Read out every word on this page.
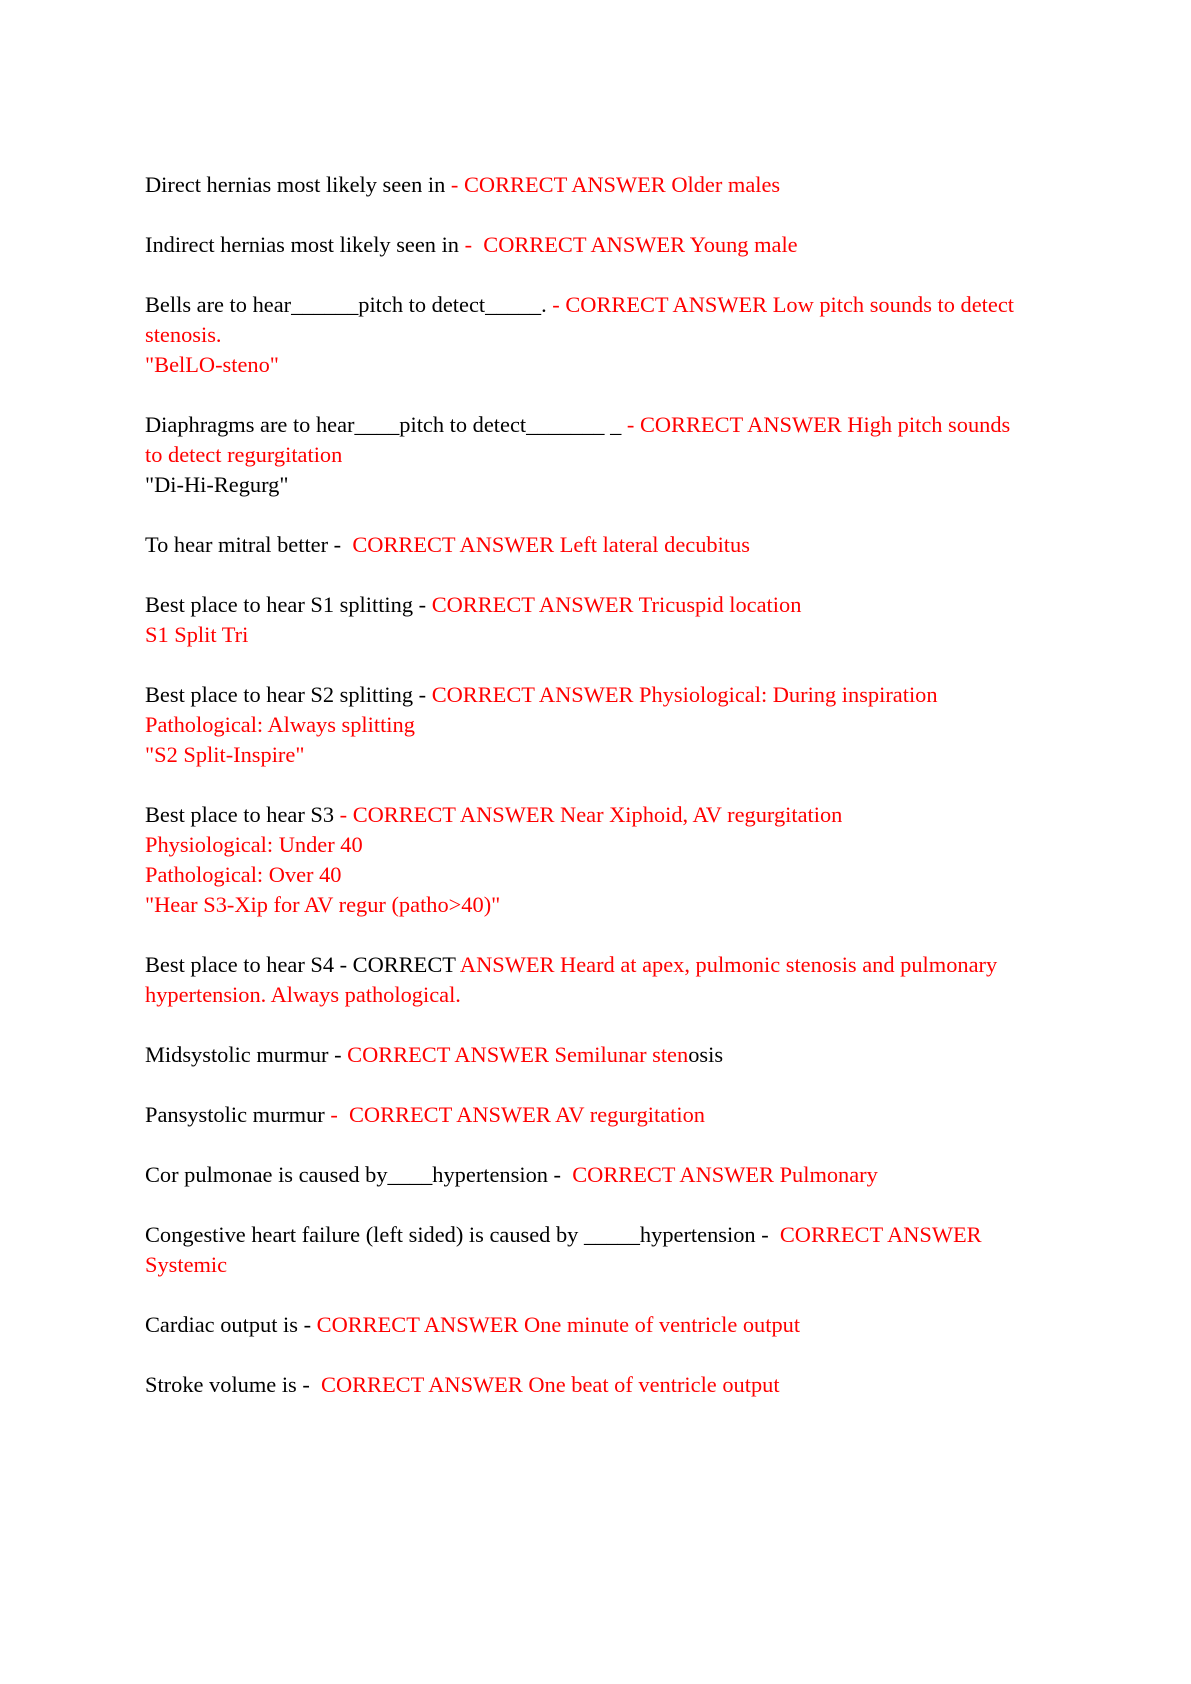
Direct hernias most likely seen in - CORRECT ANSWER Older males
Indirect hernias most likely seen in -  CORRECT ANSWER Young male
Bells are to hear______pitch to detect_____. - CORRECT ANSWER Low pitch sounds to detect
stenosis.
"BelLO-steno"
Diaphragms are to hear____pitch to detect_______ _ - CORRECT ANSWER High pitch sounds
to detect regurgitation
"Di-Hi-Regurg"
To hear mitral better - CORRECT ANSWER Left lateral decubitus
Best place to hear S1 splitting - CORRECT ANSWER Tricuspid location
S1 Split Tri
Best place to hear S2 splitting - CORRECT ANSWER Physiological: During inspiration
Pathological: Always splitting
"S2 Split-Inspire"
Best place to hear S3 - CORRECT ANSWER Near Xiphoid, AV regurgitation
Physiological: Under 40
Pathological: Over 40
"Hear S3-Xip for AV regur (patho>40)"
Best place to hear S4 - CORRECT ANSWER Heard at apex, pulmonic stenosis and pulmonary
hypertension. Always pathological.
Midsystolic murmur - CORRECT ANSWER Semilunar stenosis
Pansystolic murmur -  CORRECT ANSWER AV regurgitation
Cor pulmonae is caused by____hypertension - CORRECT ANSWER Pulmonary
Congestive heart failure (left sided) is caused by _____hypertension - CORRECT ANSWER
Systemic
Cardiac output is - CORRECT ANSWER One minute of ventricle output
Stroke volume is - CORRECT ANSWER One beat of ventricle output
